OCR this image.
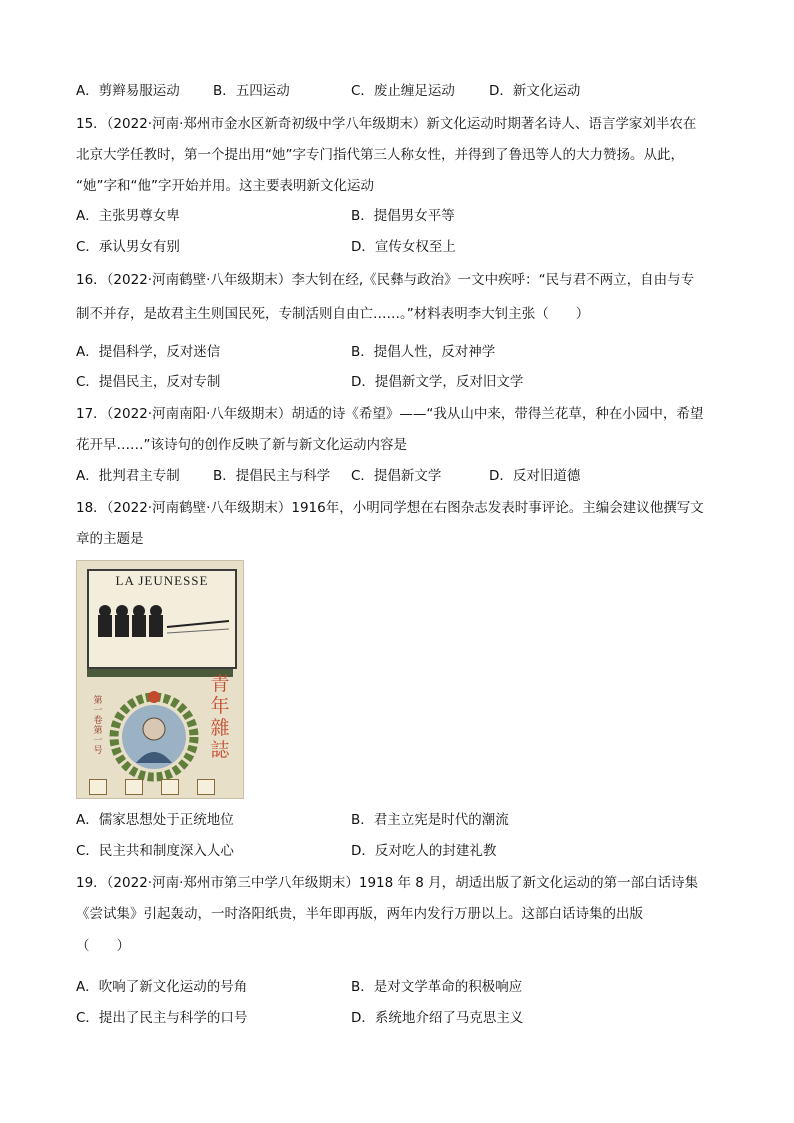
A．剪辫易服运动 B．五四运动	C．废止缠足运动	D．新文化运动
15．（2022·河南·郑州市金水区新奇初级中学八年级期末）新文化运动时期著名诗人、语言学家刘半农在
北京大学任教时，第一个提出用“她”字专门指代第三人称女性，并得到了鲁迅等人的大力赞扬。从此，
“她”字和“他”字开始并用。这主要表明新文化运动
A．主张男尊女卑	B．提倡男女平等
C．承认男女有别	D．宣传女权至上
16．（2022·河南鹤壁·八年级期末）李大钊在经,《民彝与政治》一文中疾呼：“民与君不两立，自由与专
制不并存，是故君主生则国民死，专制活则自由亡……。”材料表明李大钊主张（　　）
A．提倡科学，反对迷信	B．提倡人性，反对神学
C．提倡民主，反对专制	D．提倡新文学，反对旧文学
17．（2022·河南南阳·八年级期末）胡适的诗《希望》——“我从山中来，带得兰花草，种在小园中，希望
花开早……”该诗句的创作反映了新与新文化运动内容是
A．批判君主专制 B．提倡民主与科学 C．提倡新文学	D．反对旧道德
18．（2022·河南鹤壁·八年级期末）1916年，小明同学想在右图杂志发表时事评论。主编会建议他撰写文
章的主题是
LA JEUNESSE
第一卷 第一号
青年雜誌
A．儒家思想处于正统地位	B．君主立宪是时代的潮流
C．民主共和制度深入人心	D．反对吃人的封建礼教
19．（2022·河南·郑州市第三中学八年级期末）1918 年 8 月，胡适出版了新文化运动的第一部白话诗集
《尝试集》引起轰动，一时洛阳纸贵，半年即再版，两年内发行万册以上。这部白话诗集的出版
（　　）
A．吹响了新文化运动的号角	B．是对文学革命的积极响应
C．提出了民主与科学的口号	D．系统地介绍了马克思主义
